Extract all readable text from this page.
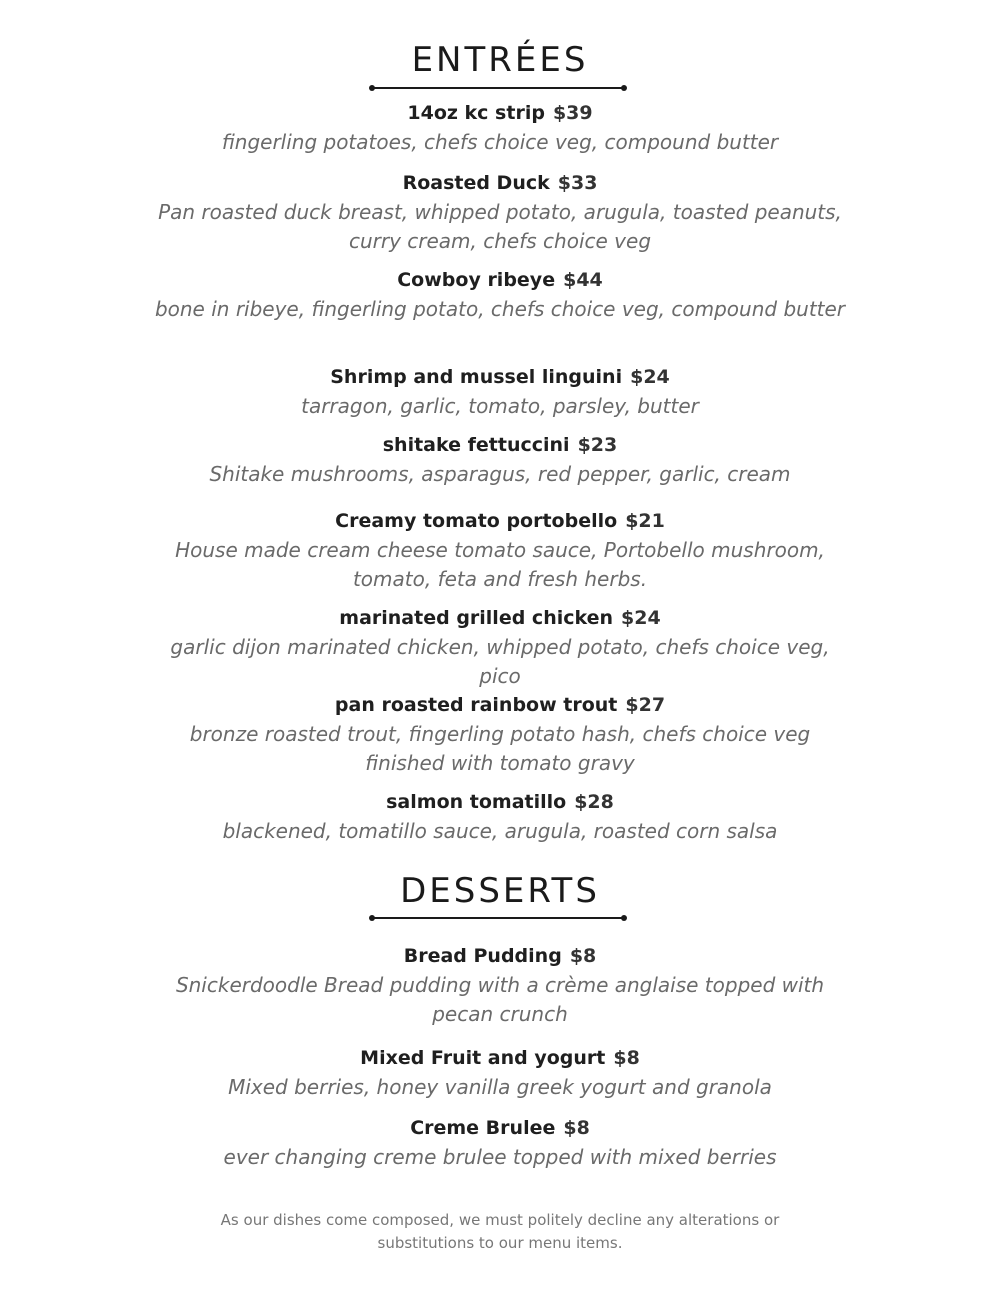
ENTRÉES
14oz kc strip $39
fingerling potatoes, chefs choice veg, compound butter
Roasted Duck $33
Pan roasted duck breast, whipped potato, arugula, toasted peanuts, curry cream, chefs choice veg
Cowboy ribeye $44
bone in ribeye, fingerling potato, chefs choice veg, compound butter
Shrimp and mussel linguini $24
tarragon, garlic, tomato, parsley, butter
shitake fettuccini $23
Shitake mushrooms, asparagus, red pepper, garlic, cream
Creamy tomato portobello $21
House made cream cheese tomato sauce, Portobello mushroom, tomato, feta and fresh herbs.
marinated grilled chicken $24
garlic dijon marinated chicken, whipped potato, chefs choice veg, pico
pan roasted rainbow trout $27
bronze roasted trout, fingerling potato hash, chefs choice veg finished with tomato gravy
salmon tomatillo $28
blackened, tomatillo sauce, arugula, roasted corn salsa
DESSERTS
Bread Pudding $8
Snickerdoodle Bread pudding with a crème anglaise topped with pecan crunch
Mixed Fruit and yogurt $8
Mixed berries, honey vanilla greek yogurt and granola
Creme Brulee $8
ever changing creme brulee topped with mixed berries
As our dishes come composed, we must politely decline any alterations or substitutions to our menu items.
